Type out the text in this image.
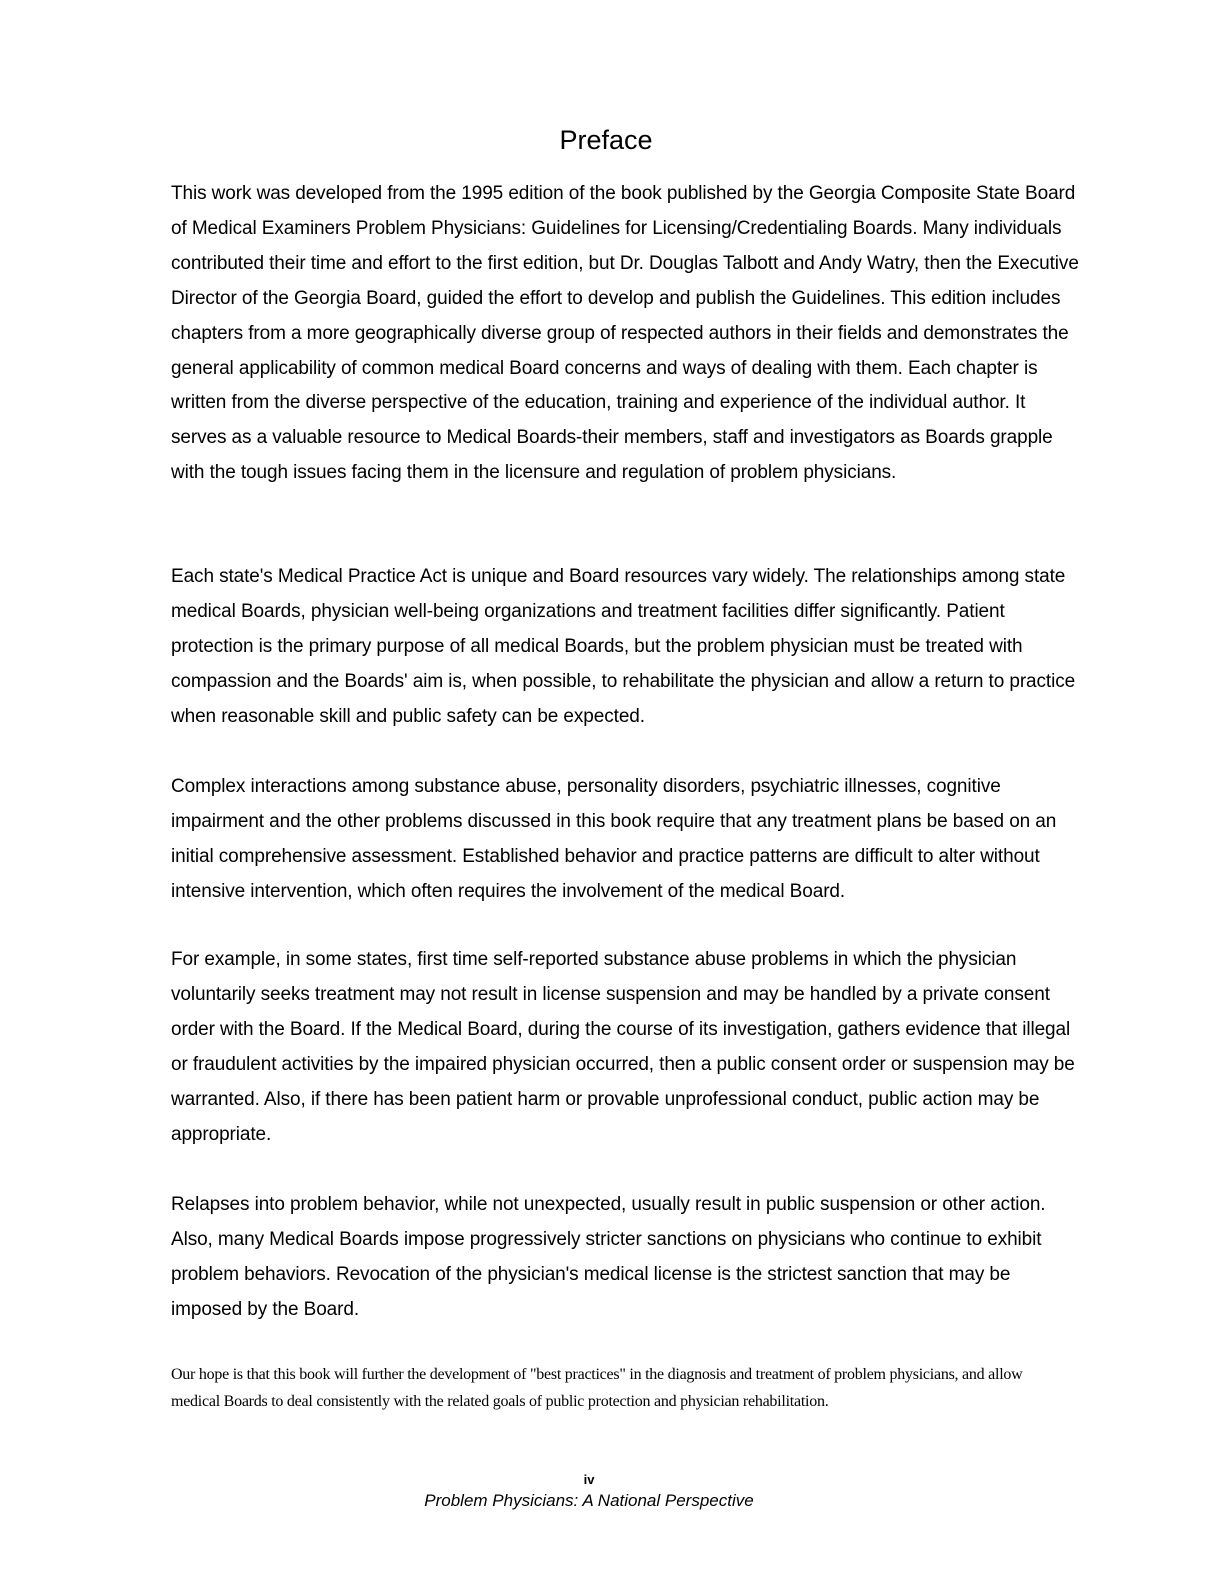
Preface

This work was developed from the 1995 edition of the book published by the Georgia Composite State Board of Medical Examiners Problem Physicians: Guidelines for Licensing/Credentialing Boards. Many individuals contributed their time and effort to the first edition, but Dr. Douglas Talbott and Andy Watry, then the Executive Director of the Georgia Board, guided the effort to develop and publish the Guidelines. This edition includes chapters from a more geographically diverse group of respected authors in their fields and demonstrates the general applicability of common medical Board concerns and ways of dealing with them. Each chapter is written from the diverse perspective of the education, training and experience of the individual author. It serves as a valuable resource to Medical Boards-their members, staff and investigators as Boards grapple with the tough issues facing them in the licensure and regulation of problem physicians.

Each state's Medical Practice Act is unique and Board resources vary widely. The relationships among state medical Boards, physician well-being organizations and treatment facilities differ significantly. Patient protection is the primary purpose of all medical Boards, but the problem physician must be treated with compassion and the Boards' aim is, when possible, to rehabilitate the physician and allow a return to practice when reasonable skill and public safety can be expected.

Complex interactions among substance abuse, personality disorders, psychiatric illnesses, cognitive impairment and the other problems discussed in this book require that any treatment plans be based on an initial comprehensive assessment. Established behavior and practice patterns are difficult to alter without intensive intervention, which often requires the involvement of the medical Board.

For example, in some states, first time self-reported substance abuse problems in which the physician voluntarily seeks treatment may not result in license suspension and may be handled by a private consent order with the Board. If the Medical Board, during the course of its investigation, gathers evidence that illegal or fraudulent activities by the impaired physician occurred, then a public consent order or suspension may be warranted. Also, if there has been patient harm or provable unprofessional conduct, public action may be appropriate.

Relapses into problem behavior, while not unexpected, usually result in public suspension or other action. Also, many Medical Boards impose progressively stricter sanctions on physicians who continue to exhibit problem behaviors. Revocation of the physician's medical license is the strictest sanction that may be imposed by the Board.

Our hope is that this book will further the development of "best practices" in the diagnosis and treatment of problem physicians, and allow medical Boards to deal consistently with the related goals of public protection and physician rehabilitation.

iv
Problem Physicians: A National Perspective
